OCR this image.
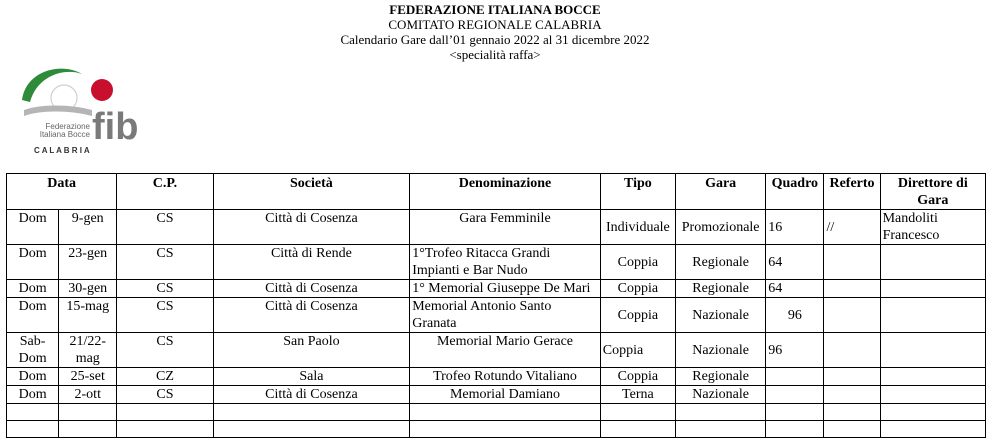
FEDERAZIONE ITALIANA BOCCE
COMITATO REGIONALE CALABRIA
Calendario Gare dall’01 gennaio 2022 al 31 dicembre 2022
<specialità raffa>
Federazione
Italiana Bocce fib
C A L A B R I A
Data		C.P.	Società	Denominazione	Tipo	Gara	Quadro	Referto	Direttore di Gara
Dom	9-gen	CS	Città di Cosenza	Gara Femminile	Individuale	Promozionale	16	//	Mandoliti Francesco
Dom	23-gen	CS	Città di Rende	1°Trofeo Ritacca Grandi Impianti e Bar Nudo	Coppia	Regionale	64		
Dom	30-gen	CS	Città di Cosenza	1° Memorial Giuseppe De Mari	Coppia	Regionale	64		
Dom	15-mag	CS	Città di Cosenza	Memorial Antonio Santo Granata	Coppia	Nazionale	96		
Sab-Dom	21/22-mag	CS	San Paolo	Memorial Mario Gerace	Coppia	Nazionale	96		
Dom	25-set	CZ	Sala	Trofeo Rotundo Vitaliano	Coppia	Regionale			
Dom	2-ott	CS	Città di Cosenza	Memorial Damiano	Terna	Nazionale			
